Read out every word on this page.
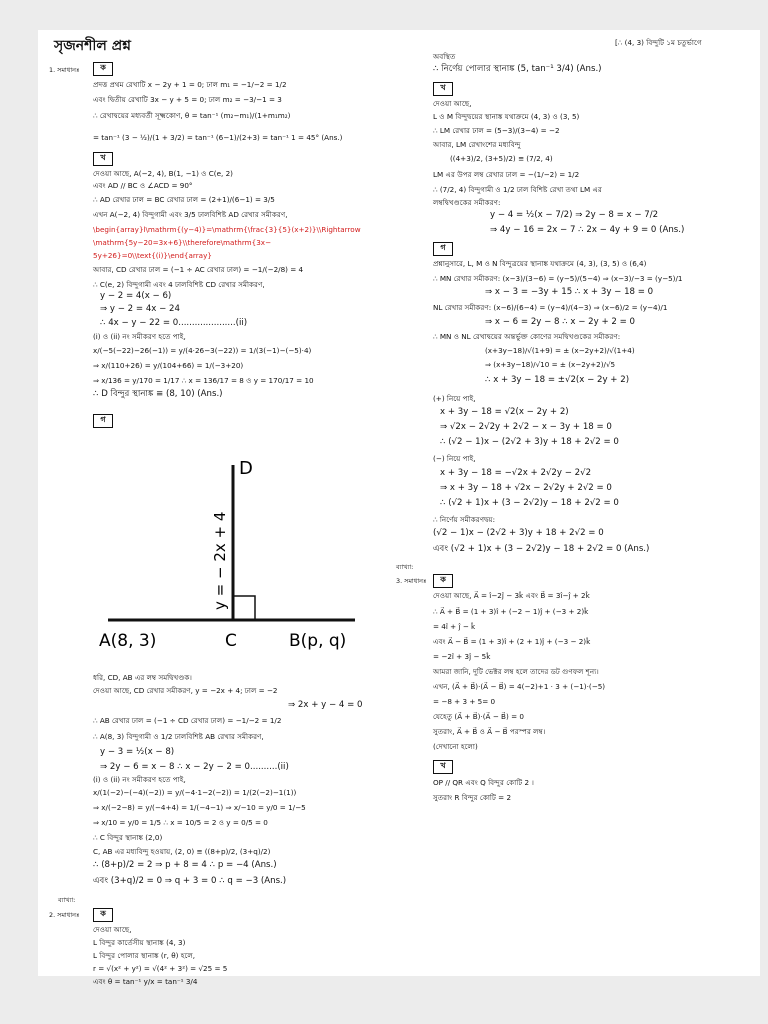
সৃজনশীল প্রশ্ন
1. সমাধানঃ	ক
প্রদত্ত প্রথম রেখাটি x − 2y + 1 = 0; ঢাল m₁ = −1/−2 = 1/2
এবং দ্বিতীয় রেখাটি 3x − y + 5 = 0; ঢাল m₂ = −3/−1 = 3
∴ রেখাদ্বয়ের মধ্যবর্তী সূক্ষ্মকোণ, θ = tan⁻¹ (m₂−m₁)/(1+m₁m₂)
= tan⁻¹ (3 − ½)/(1 + 3/2) = tan⁻¹ (6−1)/(2+3) = tan⁻¹ 1 = 45° (Ans.)
খ
দেওয়া আছে, A(−2, 4), B(1, −1) ও C(e, 2)
এবং AD // BC ও ∠ACD = 90°
∴ AD রেখার ঢাল = BC রেখার ঢাল = (2+1)/(6−1) = 3/5
এখন A(−2, 4) বিন্দুগামী এবং 3/5 ঢালবিশিষ্ট AD রেখার সমীকরণ,
\begin{array}l\mathrm{(y−4)}=\mathrm{\frac{3}{5}(x+2)}\\Rightarrow
\mathrm{5y−20=3x+6}\\therefore\mathrm{3x−
5y+26}=0\\text{(i)}\end{array}
আবার, CD রেখার ঢাল = (−1 ÷ AC রেখার ঢাল) = −1/(−2/8) = 4
∴ C(e, 2) বিন্দুগামী এবং 4 ঢালবিশিষ্ট CD রেখার সমীকরণ,
y − 2 = 4(x − 6)
⇒ y − 2 = 4x − 24
∴ 4x − y − 22 = 0.....................(ii)
(i) ও (ii) নং সমীকরণ হতে পাই,
x/(−5(−22)−26(−1)) = y/(4·26−3(−22)) = 1/(3(−1)−(−5)·4)
⇒ x/(110+26) = y/(104+66) = 1/(−3+20)
⇒ x/136 = y/170 = 1/17 ∴ x = 136/17 = 8 ও y = 170/17 = 10
∴ D বিন্দুর স্থানাঙ্ক ≡ (8, 10) (Ans.)
গ
D
y = − 2x + 4
A(8, 3)	C	B(p, q)
ধরি, CD, AB এর লম্ব সমদ্বিখণ্ডক।
দেওয়া আছে, CD রেখার সমীকরণ, y = −2x + 4; ঢাল = −2
⇒ 2x + y − 4 = 0
∴ AB রেখার ঢাল = (−1 ÷ CD রেখার ঢাল) = −1/−2 = 1/2
∴ A(8, 3) বিন্দুগামী ও 1/2 ঢালবিশিষ্ট AB রেখার সমীকরণ,
y − 3 = ½(x − 8)
⇒ 2y − 6 = x − 8 ∴ x − 2y − 2 = 0..........(ii)
(i) ও (ii) নং সমীকরণ হতে পাই,
x/(1(−2)−(−4)(−2)) = y/(−4·1−2(−2)) = 1/(2(−2)−1(1))
⇒ x/(−2−8) = y/(−4+4) = 1/(−4−1) ⇒ x/−10 = y/0 = 1/−5
⇒ x/10 = y/0 = 1/5 ∴ x = 10/5 = 2 ও y = 0/5 = 0
∴ C বিন্দুর স্থানাঙ্ক (2,0)
C, AB এর মধ্যবিন্দু হওয়ায়, (2, 0) ≡ ((8+p)/2, (3+q)/2)
∴ (8+p)/2 = 2 ⇒ p + 8 = 4 ∴ p = −4 (Ans.)
এবং (3+q)/2 = 0 ⇒ q + 3 = 0 ∴ q = −3 (Ans.)
ব্যাখ্যা:
2. সমাধানঃ	ক
দেওয়া আছে,
L বিন্দুর কার্তেসীয় স্থানাঙ্ক (4, 3)
L বিন্দুর পোলার স্থানাঙ্ক (r, θ) হলে,
r = √(x² + y²) = √(4² + 3²) = √25 = 5
এবং θ = tan⁻¹ y/x = tan⁻¹ 3/4
[∴ (4, 3) বিন্দুটি ১ম চতুর্ভাগে
অবস্থিত
∴ নির্ণেয় পোলার স্থানাঙ্ক (5, tan⁻¹ 3/4) (Ans.)
খ
দেওয়া আছে,
L ও M বিন্দুদ্বয়ের স্থানাঙ্ক যথাক্রমে (4, 3) ও (3, 5)
∴ LM রেখার ঢাল = (5−3)/(3−4) = −2
আবার, LM রেখাংশের মধ্যবিন্দু
((4+3)/2, (3+5)/2) ≡ (7/2, 4)
LM এর উপর লম্ব রেখার ঢাল = −(1/−2) = 1/2
∴ (7/2, 4) বিন্দুগামী ও 1/2 ঢাল বিশিষ্ট রেখা তথা LM এর
লম্বদ্বিখণ্ডকের সমীকরণ:
y − 4 = ½(x − 7/2) ⇒ 2y − 8 = x − 7/2
⇒ 4y − 16 = 2x − 7 ∴ 2x − 4y + 9 = 0 (Ans.)
গ
প্রশ্নানুসারে, L, M ও N বিন্দুত্রয়ের স্থানাঙ্ক যথাক্রমে (4, 3), (3, 5) ও (6,4)
∴ MN রেখার সমীকরণ: (x−3)/(3−6) = (y−5)/(5−4) ⇒ (x−3)/−3 = (y−5)/1
⇒ x − 3 = −3y + 15 ∴ x + 3y − 18 = 0
NL রেখার সমীকরণ: (x−6)/(6−4) = (y−4)/(4−3) ⇒ (x−6)/2 = (y−4)/1
⇒ x − 6 = 2y − 8 ∴ x − 2y + 2 = 0
∴ MN ও NL রেখাদ্বয়ের অন্তর্ভুক্ত কোণের সমদ্বিখণ্ডকের সমীকরণ:
(x+3y−18)/√(1+9) = ± (x−2y+2)/√(1+4)
⇒ (x+3y−18)/√10 = ± (x−2y+2)/√5
∴ x + 3y − 18 = ±√2(x − 2y + 2)
(+) নিয়ে পাই,
x + 3y − 18 = √2(x − 2y + 2)
⇒ √2x − 2√2y + 2√2 − x − 3y + 18 = 0
∴ (√2 − 1)x − (2√2 + 3)y + 18 + 2√2 = 0
(−) নিয়ে পাই,
x + 3y − 18 = −√2x + 2√2y − 2√2
⇒ x + 3y − 18 + √2x − 2√2y + 2√2 = 0
∴ (√2 + 1)x + (3 − 2√2)y − 18 + 2√2 = 0
∴ নির্ণেয় সমীকরণদ্বয়:
(√2 − 1)x − (2√2 + 3)y + 18 + 2√2 = 0
এবং (√2 + 1)x + (3 − 2√2)y − 18 + 2√2 = 0 (Ans.)
ব্যাখ্যা:
3. সমাধানঃ	ক
দেওয়া আছে, A⃗ = î−2ĵ − 3k̂ এবং B⃗ = 3î−ĵ + 2k̂
∴ A⃗ + B⃗ = (1 + 3)î + (−2 − 1)ĵ + (−3 + 2)k̂
= 4î + ĵ − k̂
এবং A⃗ − B⃗ = (1 + 3)î + (2 + 1)ĵ + (−3 − 2)k̂
= −2î + 3ĵ − 5k̂
আমরা জানি, দুটি ভেক্টর লম্ব হলে তাদের ডট গুণফল শূন্য।
এখন, (A⃗ + B⃗)·(A⃗ − B⃗) = 4(−2)+1 · 3 + (−1)·(−5)
= −8 + 3 + 5= 0
যেহেতু (A⃗ + B⃗)·(A⃗ − B⃗) = 0
সুতরাং, A⃗ + B⃗ ও A⃗ − B⃗ পরস্পর লম্ব।
(দেখানো হলো)
খ
OP // QR এবং Q বিন্দুর কোটি 2 ।
সুতরাং R বিন্দুর কোটি = 2
